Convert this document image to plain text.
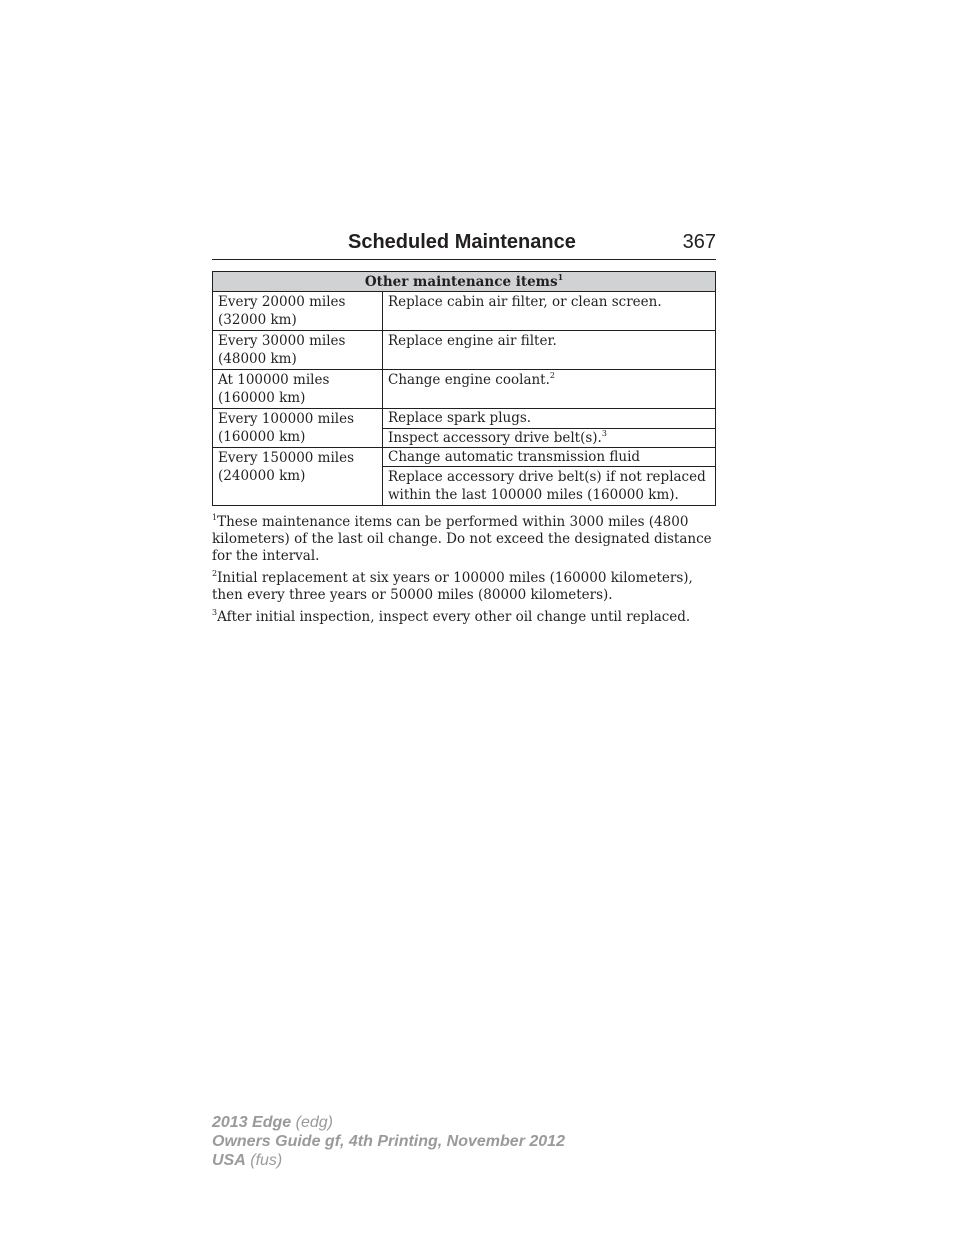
Scheduled Maintenance	367
Other maintenance items$^1$
Every 20000 miles
(32000 km)	Replace cabin air filter, or clean screen.
Every 30000 miles
(48000 km)	Replace engine air filter.
At 100000 miles
(160000 km)	Change engine coolant.$^2$
Every 100000 miles
(160000 km)	Replace spark plugs.
	Inspect accessory drive belt(s).$^3$
Every 150000 miles
(240000 km)	Change automatic transmission fluid
	Replace accessory drive belt(s) if not replaced within the last 100000 miles (160000 km).

$^1$These maintenance items can be performed within 3000 miles (4800 kilometers) of the last oil change. Do not exceed the designated distance for the interval.

$^2$Initial replacement at six years or 100000 miles (160000 kilometers), then every three years or 50000 miles (80000 kilometers).

$^3$After initial inspection, inspect every other oil change until replaced.

2013 Edge (edg)
Owners Guide gf, 4th Printing, November 2012
USA (fus)
